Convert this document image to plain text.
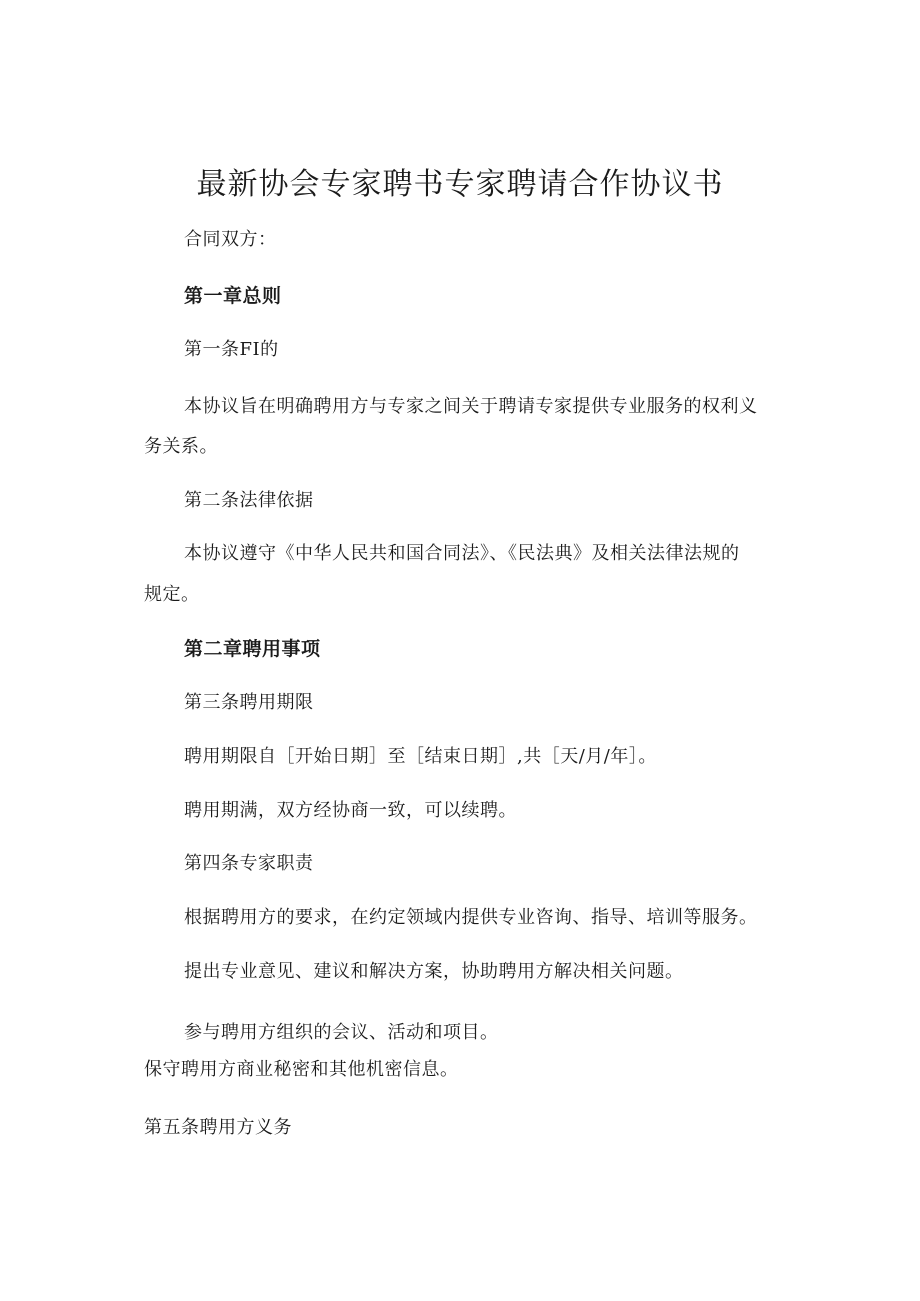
最新协会专家聘书专家聘请合作协议书
合同双方：
第一章总则
第一条FI的
本协议旨在明确聘用方与专家之间关于聘请专家提供专业服务的权利义
务关系。
第二条法律依据
本协议遵守《中华人民共和国合同法》、《民法典》及相关法律法规的
规定。
第二章聘用事项
第三条聘用期限
聘用期限自［开始日期］至［结束日期］,共［天/月/年］。
聘用期满，双方经协商一致，可以续聘。
第四条专家职责
根据聘用方的要求，在约定领域内提供专业咨询、指导、培训等服务。
提出专业意见、建议和解决方案，协助聘用方解决相关问题。
参与聘用方组织的会议、活动和项目。
保守聘用方商业秘密和其他机密信息。
第五条聘用方义务
